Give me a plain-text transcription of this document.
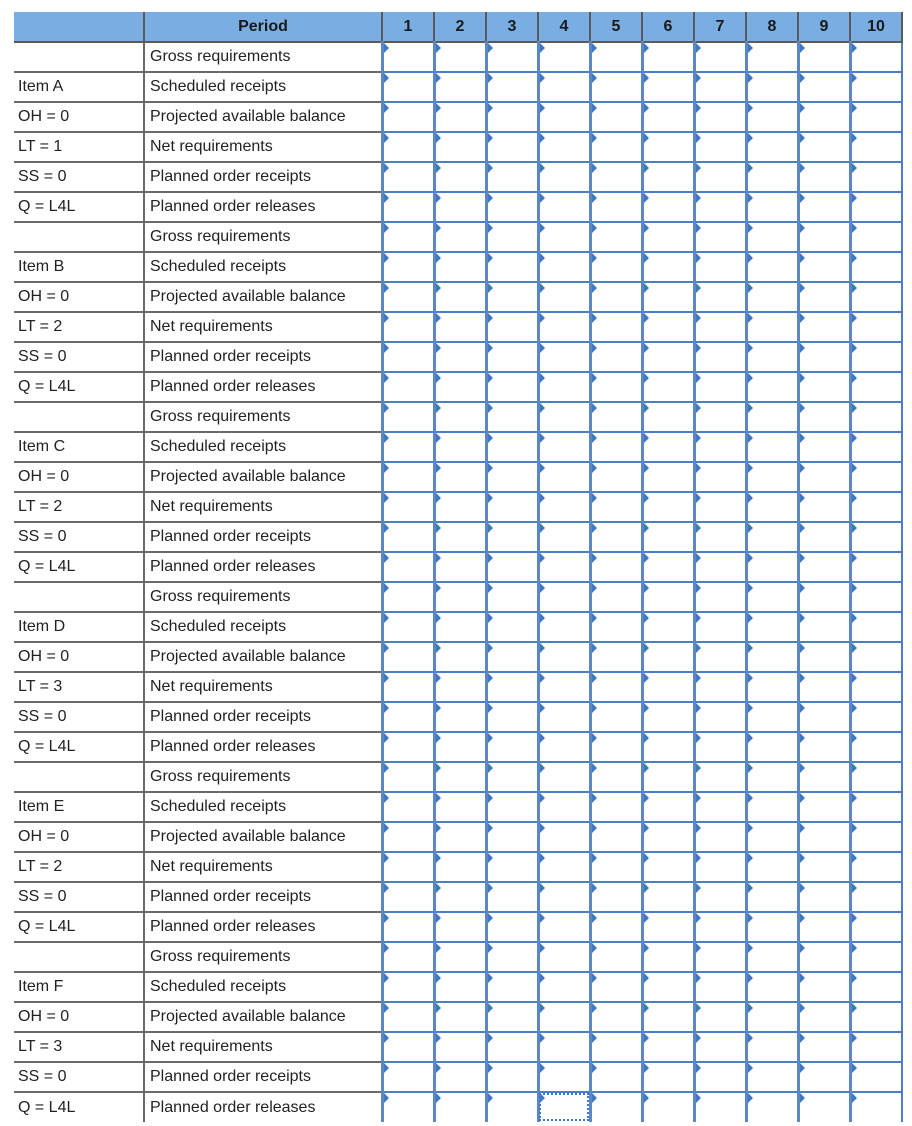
	Period	1	2	3	4	5	6	7	8	9	10
	Gross requirements										
Item A	Scheduled receipts										
OH = 0	Projected available balance										
LT = 1	Net requirements										
SS = 0	Planned order receipts										
Q = L4L	Planned order releases										
	Gross requirements										
Item B	Scheduled receipts										
OH = 0	Projected available balance										
LT = 2	Net requirements										
SS = 0	Planned order receipts										
Q = L4L	Planned order releases										
	Gross requirements										
Item C	Scheduled receipts										
OH = 0	Projected available balance										
LT = 2	Net requirements										
SS = 0	Planned order receipts										
Q = L4L	Planned order releases										
	Gross requirements										
Item D	Scheduled receipts										
OH = 0	Projected available balance										
LT = 3	Net requirements										
SS = 0	Planned order receipts										
Q = L4L	Planned order releases										
	Gross requirements										
Item E	Scheduled receipts										
OH = 0	Projected available balance										
LT = 2	Net requirements										
SS = 0	Planned order receipts										
Q = L4L	Planned order releases										
	Gross requirements										
Item F	Scheduled receipts										
OH = 0	Projected available balance										
LT = 3	Net requirements										
SS = 0	Planned order receipts										
Q = L4L	Planned order releases										
